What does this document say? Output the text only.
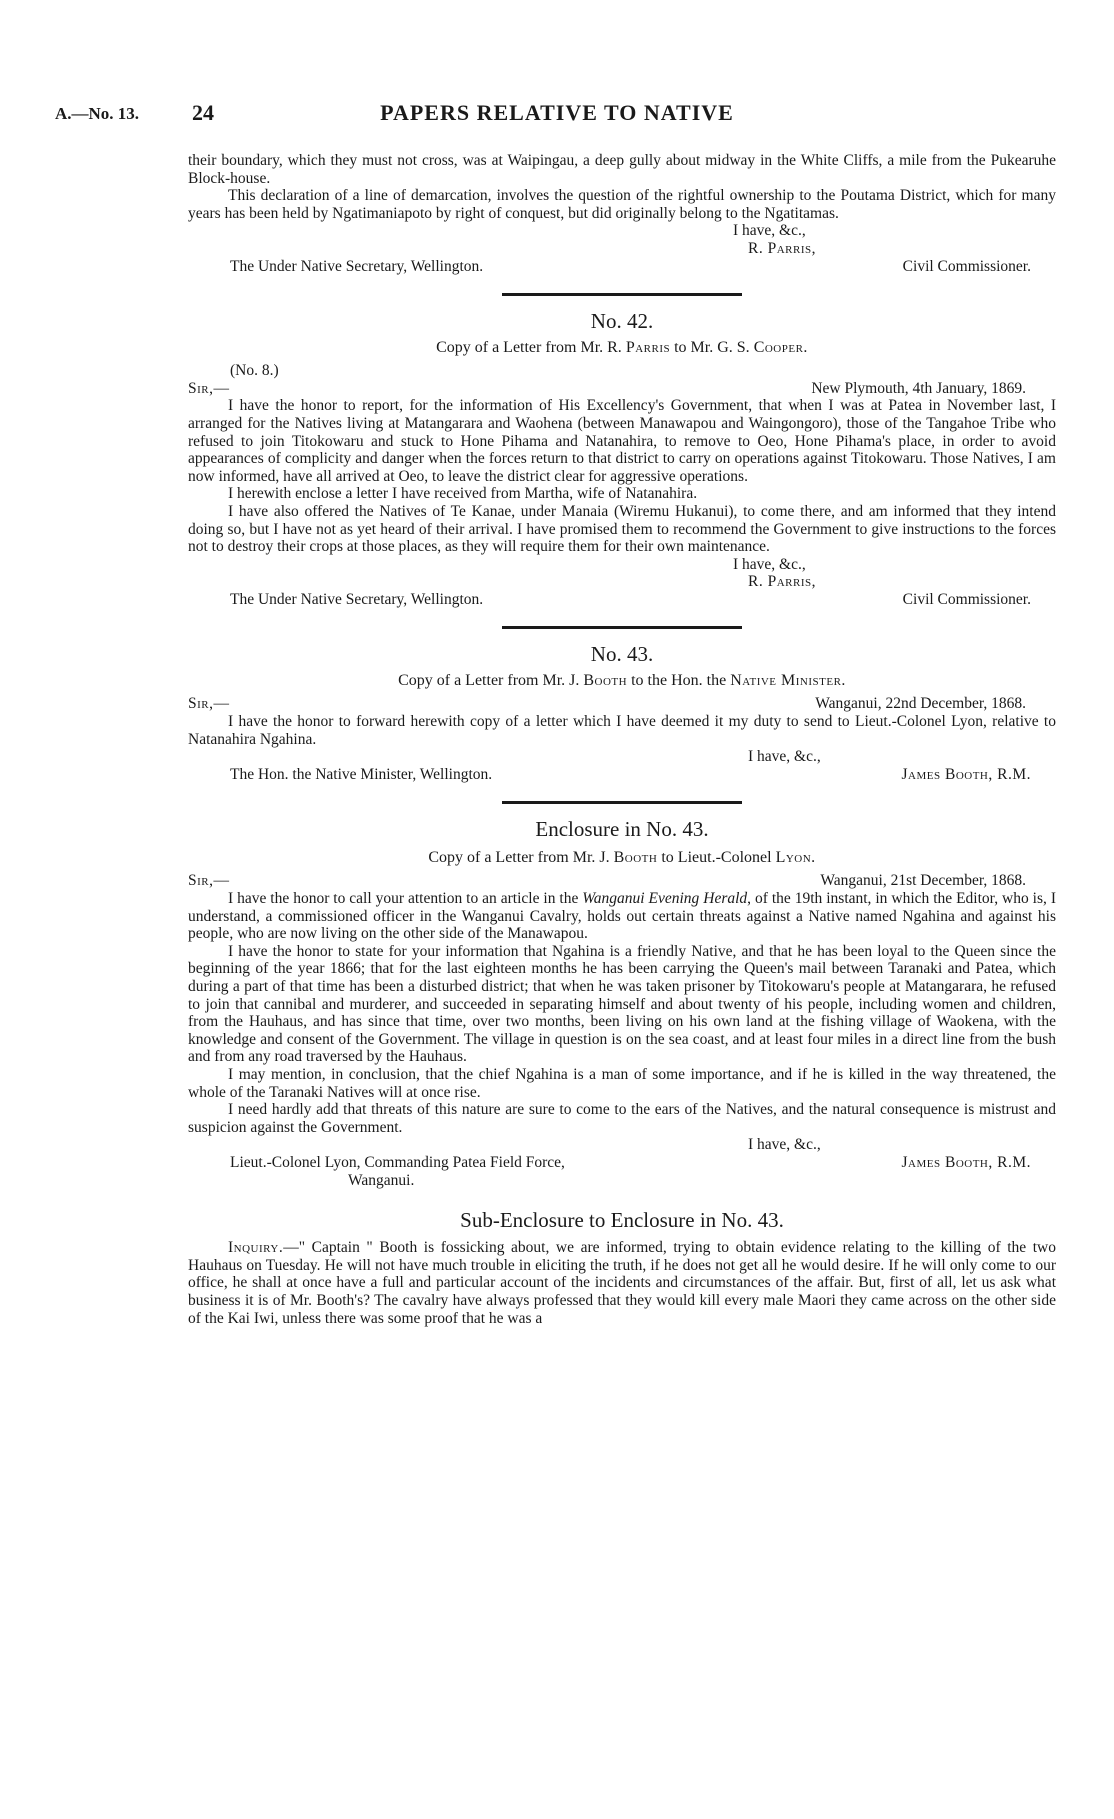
A.—No. 13. 24	PAPERS RELATIVE TO NATIVE

their boundary, which they must not cross, was at Waipingau, a deep gully about midway in the White Cliffs, a mile from the Pukearuhe Block-house.

This declaration of a line of demarcation, involves the question of the rightful ownership to the Poutama District, which for many years has been held by Ngatimaniapoto by right of conquest, but did originally belong to the Ngatitamas.

I have, &c.,

R. Parris,

The Under Native Secretary, Wellington.	Civil Commissioner.
No. 42.
Copy of a Letter from Mr. R. Parris to Mr. G. S. Cooper.

(No. 8.)

Sir,—	New Plymouth, 4th January, 1869.

I have the honor to report, for the information of His Excellency's Government, that when I was at Patea in November last, I arranged for the Natives living at Matangarara and Waohena (between Manawapou and Waingongoro), those of the Tangahoe Tribe who refused to join Titokowaru and stuck to Hone Pihama and Natanahira, to remove to Oeo, Hone Pihama's place, in order to avoid appearances of complicity and danger when the forces return to that district to carry on operations against Titokowaru. Those Natives, I am now informed, have all arrived at Oeo, to leave the district clear for aggressive operations.

I herewith enclose a letter I have received from Martha, wife of Natanahira.

I have also offered the Natives of Te Kanae, under Manaia (Wiremu Hukanui), to come there, and am informed that they intend doing so, but I have not as yet heard of their arrival. I have promised them to recommend the Government to give instructions to the forces not to destroy their crops at those places, as they will require them for their own maintenance.

I have, &c.,

R. Parris,

The Under Native Secretary, Wellington.	Civil Commissioner.
No. 43.
Copy of a Letter from Mr. J. Booth to the Hon. the Native Minister.
Sir,—	Wanganui, 22nd December, 1868.

I have the honor to forward herewith copy of a letter which I have deemed it my duty to send to Lieut.-Colonel Lyon, relative to Natanahira Ngahina.

I have, &c.,

The Hon. the Native Minister, Wellington.	James Booth, R.M.
Enclosure in No. 43.
Copy of a Letter from Mr. J. Booth to Lieut.-Colonel Lyon.
Sir,—	Wanganui, 21st December, 1868.

I have the honor to call your attention to an article in the Wanganui Evening Herald, of the 19th instant, in which the Editor, who is, I understand, a commissioned officer in the Wanganui Cavalry, holds out certain threats against a Native named Ngahina and against his people, who are now living on the other side of the Manawapou.

I have the honor to state for your information that Ngahina is a friendly Native, and that he has been loyal to the Queen since the beginning of the year 1866; that for the last eighteen months he has been carrying the Queen's mail between Taranaki and Patea, which during a part of that time has been a disturbed district; that when he was taken prisoner by Titokowaru's people at Matangarara, he refused to join that cannibal and murderer, and succeeded in separating himself and about twenty of his people, including women and children, from the Hauhaus, and has since that time, over two months, been living on his own land at the fishing village of Waokena, with the knowledge and consent of the Government. The village in question is on the sea coast, and at least four miles in a direct line from the bush and from any road traversed by the Hauhaus.

I may mention, in conclusion, that the chief Ngahina is a man of some importance, and if he is killed in the way threatened, the whole of the Taranaki Natives will at once rise.

I need hardly add that threats of this nature are sure to come to the ears of the Natives, and the natural consequence is mistrust and suspicion against the Government.

I have, &c.,

Lieut.-Colonel Lyon, Commanding Patea Field Force,	James Booth, R.M.

Wanganui.

Sub-Enclosure to Enclosure in No. 43.

Inquiry.—" Captain " Booth is fossicking about, we are informed, trying to obtain evidence relating to the killing of the two Hauhaus on Tuesday. He will not have much trouble in eliciting the truth, if he does not get all he would desire. If he will only come to our office, he shall at once have a full and particular account of the incidents and circumstances of the affair. But, first of all, let us ask what business it is of Mr. Booth's? The cavalry have always professed that they would kill every male Maori they came across on the other side of the Kai Iwi, unless there was some proof that he was a
